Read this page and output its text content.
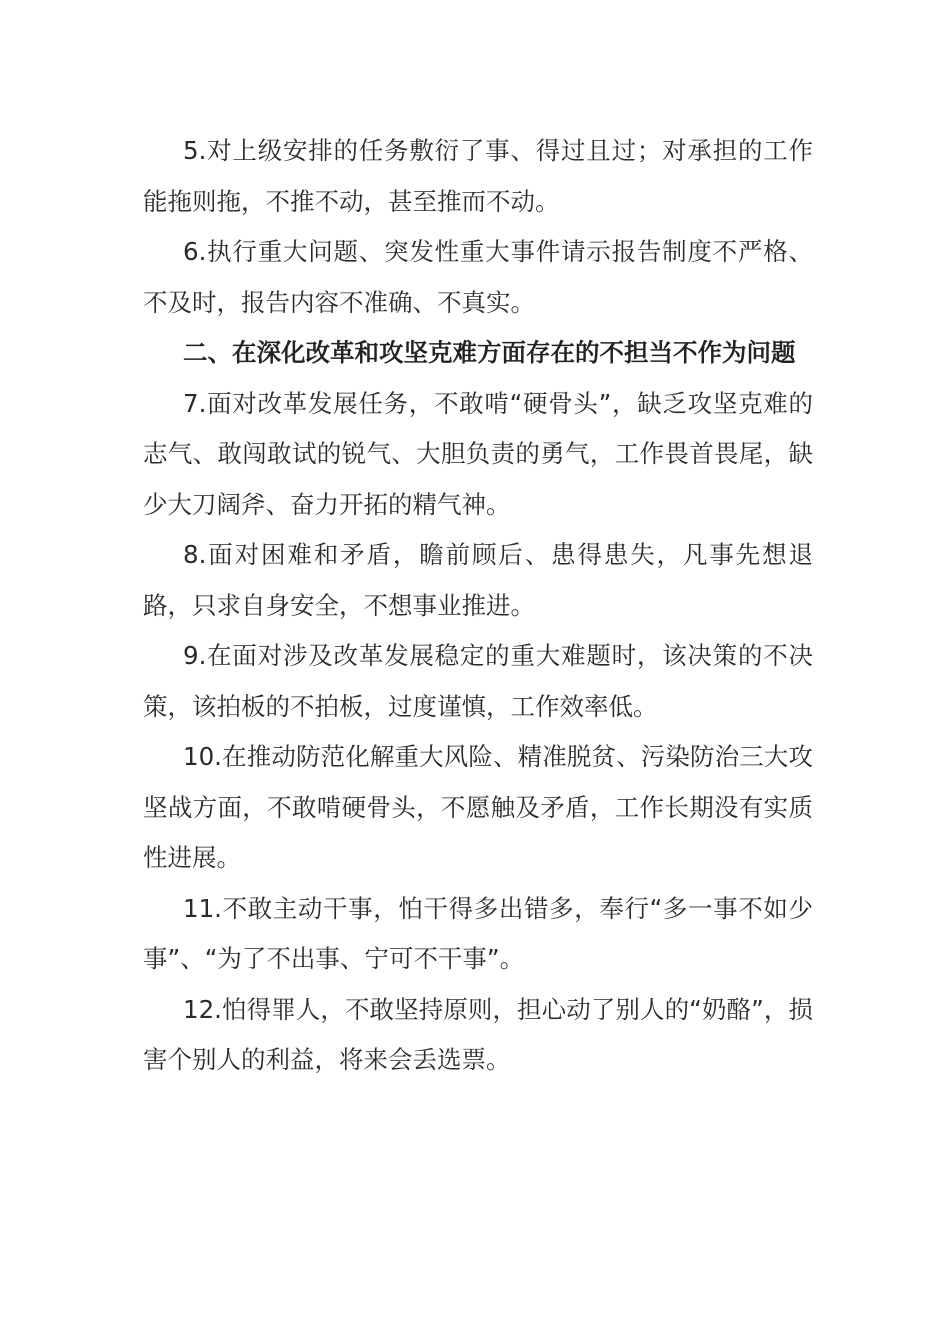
5.对上级安排的任务敷衍了事、得过且过；对承担的工作能拖则拖，不推不动，甚至推而不动。

6.执行重大问题、突发性重大事件请示报告制度不严格、不及时，报告内容不准确、不真实。

二、在深化改革和攻坚克难方面存在的不担当不作为问题

7.面对改革发展任务，不敢啃“硬骨头”，缺乏攻坚克难的志气、敢闯敢试的锐气、大胆负责的勇气，工作畏首畏尾，缺少大刀阔斧、奋力开拓的精气神。

8.面对困难和矛盾，瞻前顾后、患得患失，凡事先想退路，只求自身安全，不想事业推进。

9.在面对涉及改革发展稳定的重大难题时，该决策的不决策，该拍板的不拍板，过度谨慎，工作效率低。

10.在推动防范化解重大风险、精准脱贫、污染防治三大攻坚战方面，不敢啃硬骨头，不愿触及矛盾，工作长期没有实质性进展。

11.不敢主动干事，怕干得多出错多，奉行“多一事不如少事”、“为了不出事、宁可不干事”。

12.怕得罪人，不敢坚持原则，担心动了别人的“奶酪”，损害个别人的利益，将来会丢选票。
